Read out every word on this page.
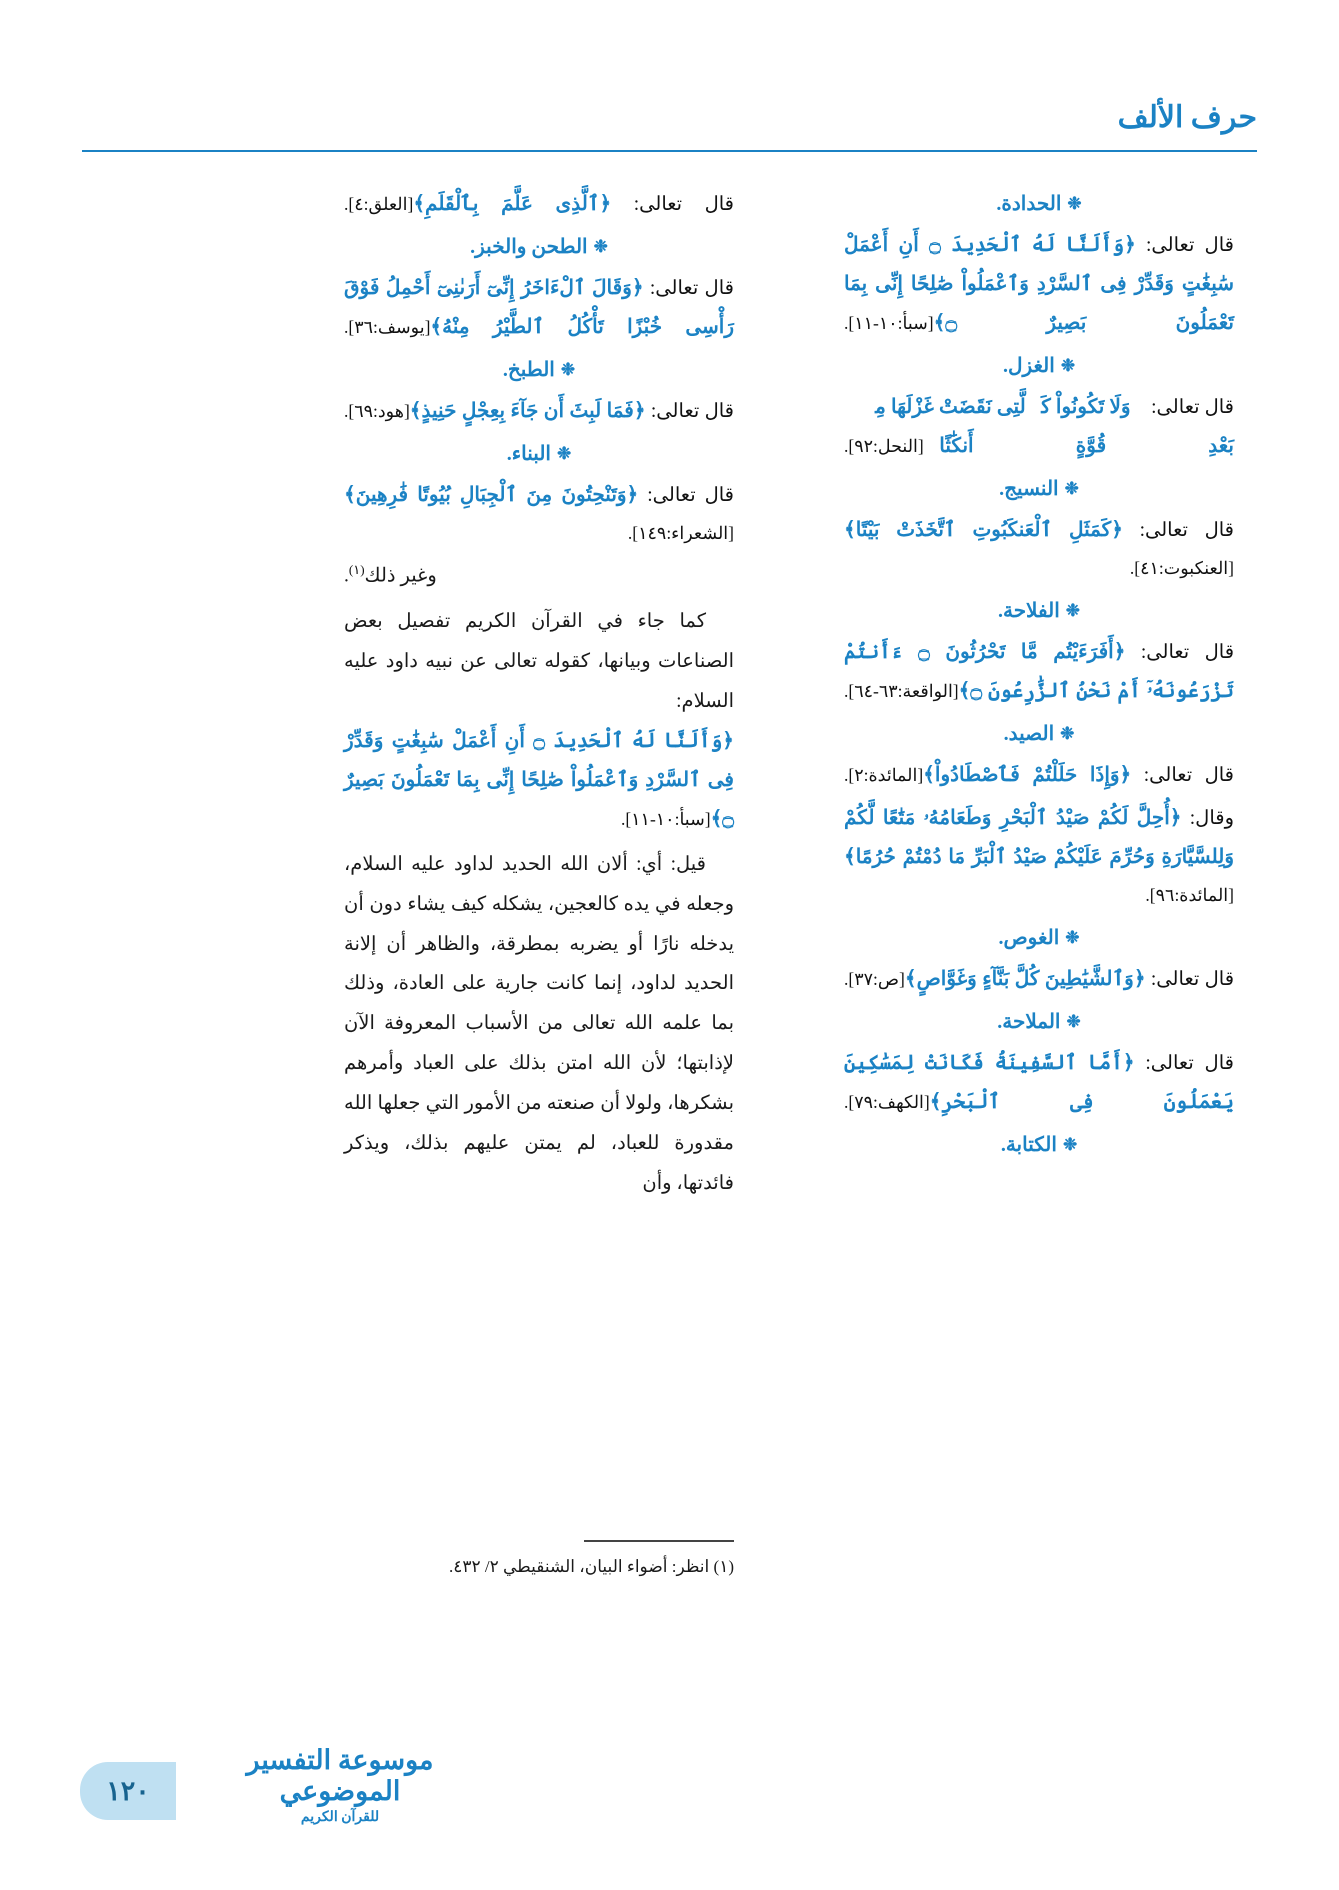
حرف الألف
❉الحدادة.
قال تعالى: ﴿وَأَلَنَّا لَهُ ٱلْحَدِيدَ ۝ أَنِ أَعْمَلْ سَٰبِغَٰتٍ وَقَدِّرْ فِى ٱلسَّرْدِ وَٱعْمَلُواْ صَٰلِحًا إِنِّى بِمَا تَعْمَلُونَ بَصِيرٌ ۝﴾[سبأ:١٠-١١].
❉الغزل.
قال تعالى: ﴿وَلَا تَكُونُواْ كَٱلَّتِى نَقَضَتْ غَزْلَهَا مِنۢ بَعْدِ قُوَّةٍ أَنكَٰثًا﴾[النحل:٩٢].
❉النسيج.
قال تعالى: ﴿كَمَثَلِ ٱلْعَنكَبُوتِ ٱتَّخَذَتْ بَيْتًا﴾[العنكبوت:٤١].
❉الفلاحة.
قال تعالى: ﴿أَفَرَءَيْتُم مَّا تَحْرُثُونَ ۝ ءَأَنتُمْ تَزْرَعُونَهُۥٓ أَمْ نَحْنُ ٱلزَّٰرِعُونَ ۝﴾[الواقعة:٦٣-٦٤].
❉الصيد.
قال تعالى: ﴿وَإِذَا حَلَلْتُمْ فَٱصْطَادُواْ﴾[المائدة:٢].
وقال: ﴿أُحِلَّ لَكُمْ صَيْدُ ٱلْبَحْرِ وَطَعَامُهُۥ مَتَٰعًا لَّكُمْ وَلِلسَّيَّارَةِ وَحُرِّمَ عَلَيْكُمْ صَيْدُ ٱلْبَرِّ مَا دُمْتُمْ حُرُمًا﴾[المائدة:٩٦].
❉الغوص.
قال تعالى: ﴿وَٱلشَّيَٰطِينَ كُلَّ بَنَّآءٍ وَغَوَّاصٍ﴾[ص:٣٧].
❉الملاحة.
قال تعالى: ﴿أَمَّا ٱلسَّفِينَةُ فَكَانَتْ لِمَسَٰكِينَ يَعْمَلُونَ فِى ٱلْبَحْرِ﴾[الكهف:٧٩].
❉الكتابة.
قال تعالى: ﴿ٱلَّذِى عَلَّمَ بِٱلْقَلَمِ﴾[العلق:٤].
❉الطحن والخبز.
قال تعالى: ﴿وَقَالَ ٱلْءَاخَرُ إِنِّىٓ أَرَىٰنِىٓ أَحْمِلُ فَوْقَ رَأْسِى خُبْزًا تَأْكُلُ ٱلطَّيْرُ مِنْهُ﴾[يوسف:٣٦].
❉الطبخ.
قال تعالى: ﴿فَمَا لَبِثَ أَن جَآءَ بِعِجْلٍ حَنِيذٍ﴾[هود:٦٩].
❉البناء.
قال تعالى: ﴿وَتَنْحِتُونَ مِنَ ٱلْجِبَالِ بُيُوتًا فَٰرِهِينَ﴾[الشعراء:١٤٩].
وغير ذلك$^{(١)}$.
كما جاء في القرآن الكريم تفصيل بعض الصناعات وبيانها، كقوله تعالى عن نبيه داود عليه السلام:
﴿وَأَلَنَّا لَهُ ٱلْحَدِيدَ ۝ أَنِ أَعْمَلْ سَٰبِغَٰتٍ وَقَدِّرْ فِى ٱلسَّرْدِ وَٱعْمَلُواْ صَٰلِحًا إِنِّى بِمَا تَعْمَلُونَ بَصِيرٌ ۝﴾[سبأ:١٠-١١].
قيل: أي: ألان الله الحديد لداود عليه السلام، وجعله في يده كالعجين، يشكله كيف يشاء دون أن يدخله نارًا أو يضربه بمطرقة، والظاهر أن إلانة الحديد لداود، إنما كانت جارية على العادة، وذلك بما علمه الله تعالى من الأسباب المعروفة الآن لإذابتها؛ لأن الله امتن بذلك على العباد وأمرهم بشكرها، ولولا أن صنعته من الأمور التي جعلها الله مقدورة للعباد، لم يمتن عليهم بذلك، ويذكر فائدتها، وأن
(١) انظر: أضواء البيان، الشنقيطي ٢/ ٤٣٢.
موسوعة التفسير الموضوعي
للقرآن الكريم
١٢٠
